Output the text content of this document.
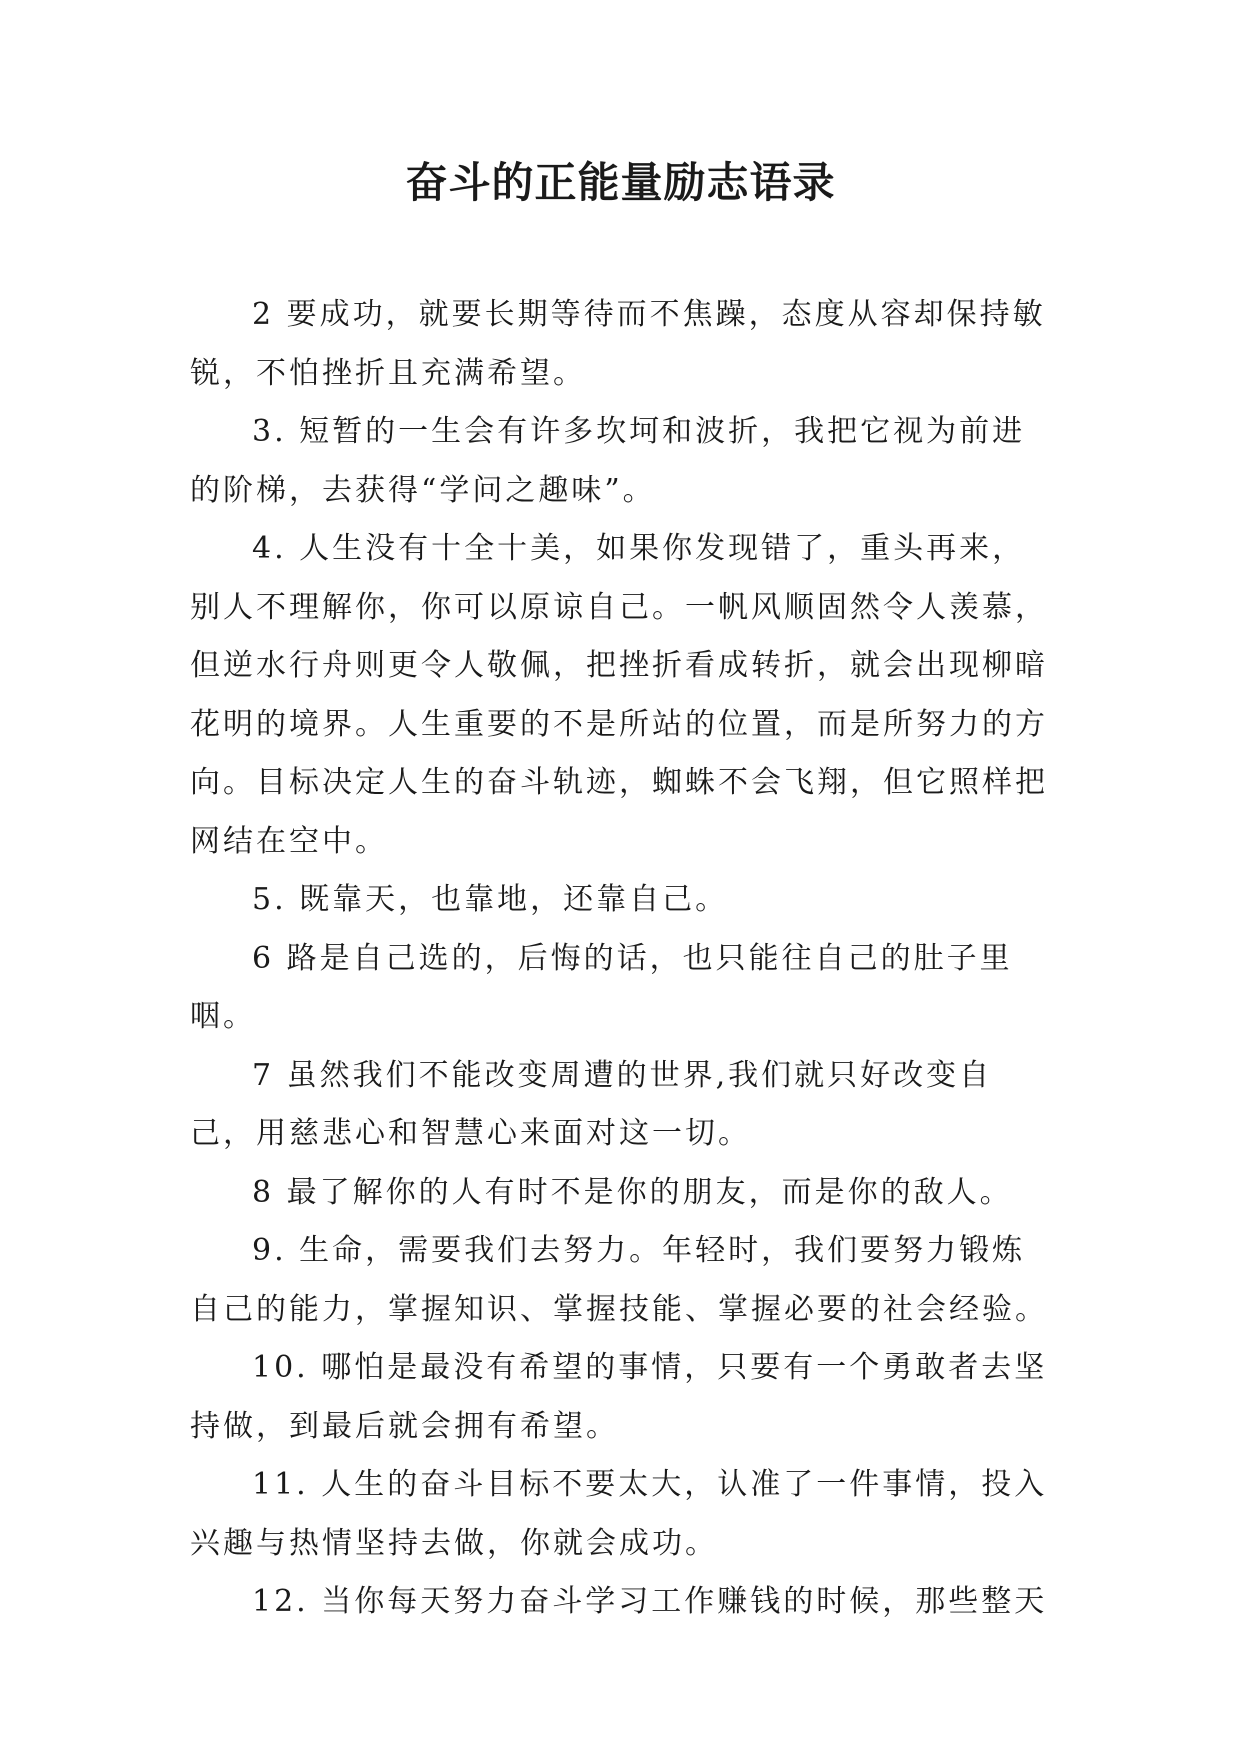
奋斗的正能量励志语录

2 要成功，就要长期等待而不焦躁，态度从容却保持敏锐，不怕挫折且充满希望。

3. 短暂的一生会有许多坎坷和波折，我把它视为前进的阶梯，去获得“学问之趣味”。

4. 人生没有十全十美，如果你发现错了，重头再来，别人不理解你，你可以原谅自己。一帆风顺固然令人羡慕，但逆水行舟则更令人敬佩，把挫折看成转折，就会出现柳暗花明的境界。人生重要的不是所站的位置，而是所努力的方向。目标决定人生的奋斗轨迹，蜘蛛不会飞翔，但它照样把网结在空中。

5. 既靠天，也靠地，还靠自己。

6 路是自己选的，后悔的话，也只能往自己的肚子里咽。

7 虽然我们不能改变周遭的世界,我们就只好改变自己，用慈悲心和智慧心来面对这一切。

8 最了解你的人有时不是你的朋友，而是你的敌人。

9. 生命，需要我们去努力。年轻时，我们要努力锻炼自己的能力，掌握知识、掌握技能、掌握必要的社会经验。

10. 哪怕是最没有希望的事情，只要有一个勇敢者去坚持做，到最后就会拥有希望。

11. 人生的奋斗目标不要太大，认准了一件事情，投入兴趣与热情坚持去做，你就会成功。

12. 当你每天努力奋斗学习工作赚钱的时候，那些整天
